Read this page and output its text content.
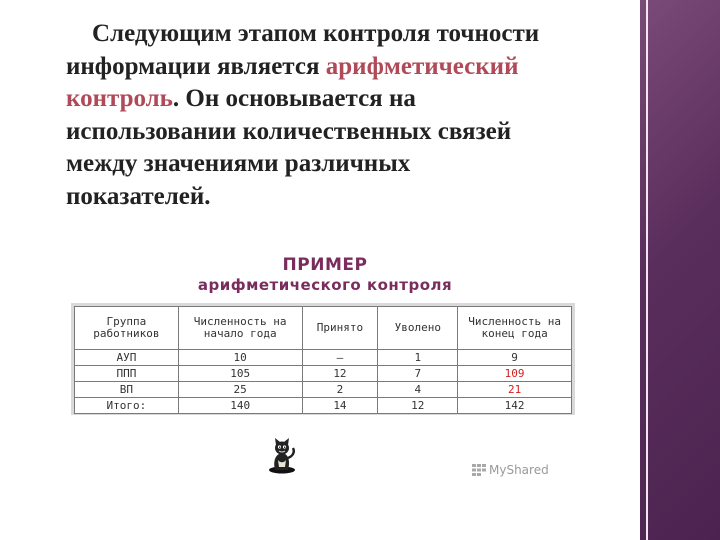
Следующим этапом контроля точности
информации является арифметический
контроль. Он основывается на
использовании количественных связей
между значениями различных
показателей.
ПРИМЕР
арифметического контроля
Группа работников	Численность на начало года	Принято	Уволено	Численность на конец года
АУП	10	–	1	9
ППП	105	12	7	109
ВП	25	2	4	21
Итого:	140	14	12	142
MyShared
